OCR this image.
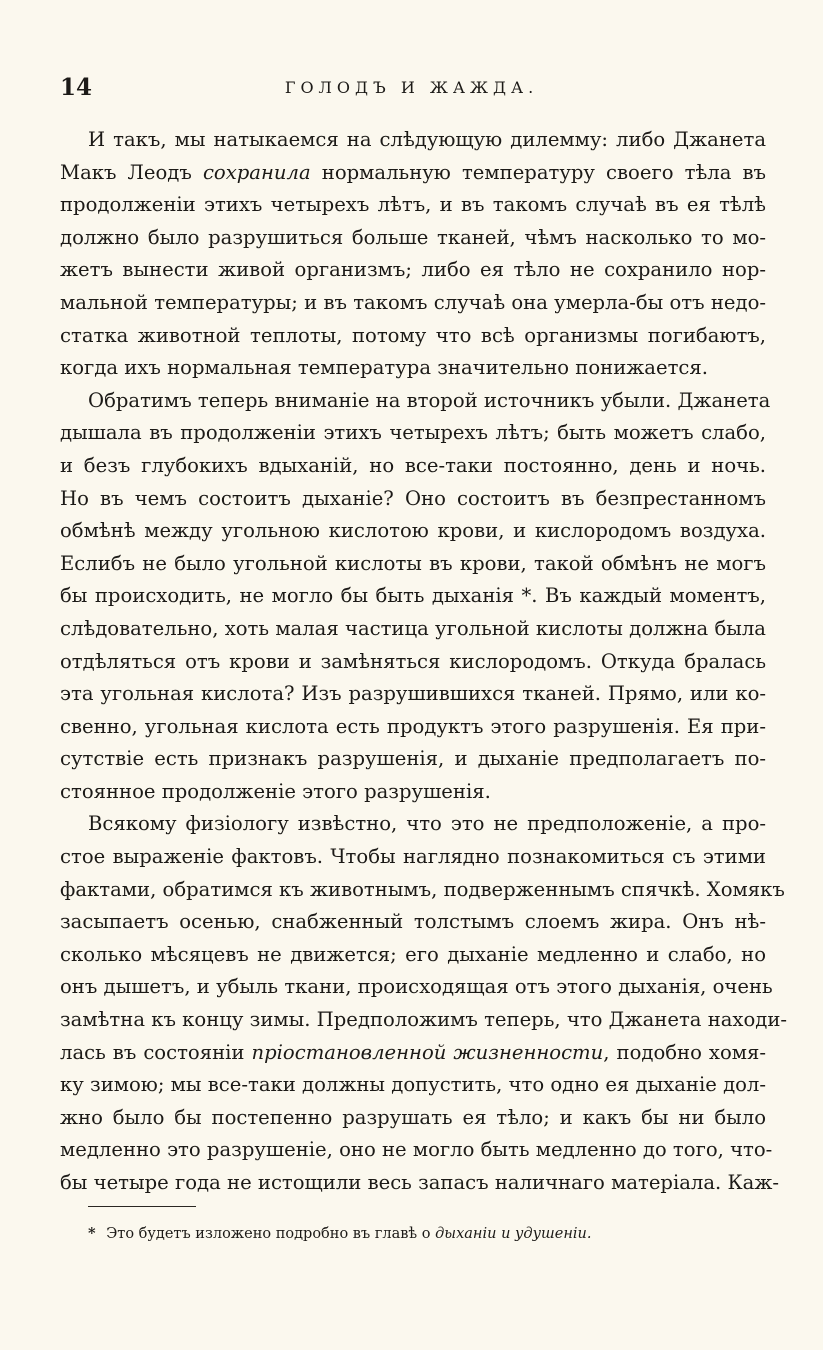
14	ГОЛОДЪ И ЖАЖДА.
И такъ, мы натыкаемся на слѣдующую дилемму: либо Джанета
Макъ Леодъ сохранила нормальную температуру своего тѣла въ
продолженіи этихъ четырехъ лѣтъ, и въ такомъ случаѣ въ ея тѣлѣ
должно было разрушиться больше тканей, чѣмъ насколько то мо-
жетъ вынести живой организмъ; либо ея тѣло не сохранило нор-
мальной температуры; и въ такомъ случаѣ она умерла-бы отъ недо-
статка животной теплоты, потому что всѣ организмы погибаютъ,
когда ихъ нормальная температура значительно понижается.
Обратимъ теперь вниманіе на второй источникъ убыли. Джанета
дышала въ продолженіи этихъ четырехъ лѣтъ; быть можетъ слабо,
и безъ глубокихъ вдыханій, но все-таки постоянно, день и ночь.
Но въ чемъ состоитъ дыханіе? Оно состоитъ въ безпрестанномъ
обмѣнѣ между угольною кислотою крови, и кислородомъ воздуха.
Еслибъ не было угольной кислоты въ крови, такой обмѣнъ не могъ
бы происходить, не могло бы быть дыханія *. Въ каждый моментъ,
слѣдовательно, хоть малая частица угольной кислоты должна была
отдѣляться отъ крови и замѣняться кислородомъ. Откуда бралась
эта угольная кислота? Изъ разрушившихся тканей. Прямо, или ко-
свенно, угольная кислота есть продуктъ этого разрушенія. Ея при-
сутствіе есть признакъ разрушенія, и дыханіе предполагаетъ по-
стоянное продолженіе этого разрушенія.
Всякому физіологу извѣстно, что это не предположеніе, а про-
стое выраженіе фактовъ. Чтобы наглядно познакомиться съ этими
фактами, обратимся къ животнымъ, подверженнымъ спячкѣ. Хомякъ
засыпаетъ осенью, снабженный толстымъ слоемъ жира. Онъ нѣ-
сколько мѣсяцевъ не движется; его дыханіе медленно и слабо, но
онъ дышетъ, и убыль ткани, происходящая отъ этого дыханія, очень
замѣтна къ концу зимы. Предположимъ теперь, что Джанета находи-
лась въ состояніи пріостановленной жизненности, подобно хомя-
ку зимою; мы все-таки должны допустить, что одно ея дыханіе дол-
жно было бы постепенно разрушать ея тѣло; и какъ бы ни было
медленно это разрушеніе, оно не могло быть медленно до того, что-
бы четыре года не истощили весь запасъ наличнаго матеріала. Каж-
* Это будетъ изложено подробно въ главѣ о дыханіи и удушеніи.
